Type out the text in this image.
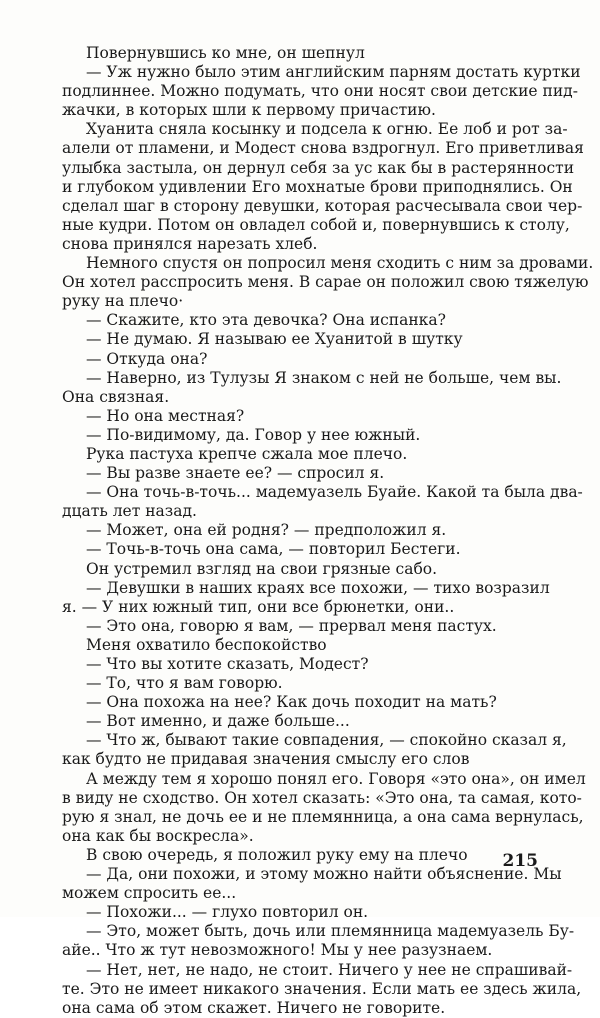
Повернувшись ко мне, он шепнул
— Уж нужно было этим английским парням достать куртки
подлиннее. Можно подумать, что они носят свои детские пид-
жачки, в которых шли к первому причастию.
Хуанита сняла косынку и подсела к огню. Ее лоб и рот за-
алели от пламени, и Модест снова вздрогнул. Его приветливая
улыбка застыла, он дернул себя за ус как бы в растерянности
и глубоком удивлении Его мохнатые брови приподнялись. Он
сделал шаг в сторону девушки, которая расчесывала свои чер-
ные кудри. Потом он овладел собой и, повернувшись к столу,
снова принялся нарезать хлеб.
Немного спустя он попросил меня сходить с ним за дровами.
Он хотел расспросить меня. В сарае он положил свою тяжелую
руку на плечо·
— Скажите, кто эта девочка? Она испанка?
— Не думаю. Я называю ее Хуанитой в шутку
— Откуда она?
— Наверно, из Тулузы Я знаком с ней не больше, чем вы.
Она связная.
— Но она местная?
— По-видимому, да. Говор у нее южный.
Рука пастуха крепче сжала мое плечо.
— Вы разве знаете ее? — спросил я.
— Она точь-в-точь... мадемуазель Буайе. Какой та была два-
дцать лет назад.
— Может, она ей родня? — предположил я.
— Точь-в-точь она сама, — повторил Бестеги.
Он устремил взгляд на свои грязные сабо.
— Девушки в наших краях все похожи, — тихо возразил
я. — У них южный тип, они все брюнетки, они..
— Это она, говорю я вам, — прервал меня пастух.
Меня охватило беспокойство
— Что вы хотите сказать, Модест?
— То, что я вам говорю.
— Она похожа на нее? Как дочь походит на мать?
— Вот именно, и даже больше...
— Что ж, бывают такие совпадения, — спокойно сказал я,
как будто не придавая значения смыслу его слов
А между тем я хорошо понял его. Говоря «это она», он имел
в виду не сходство. Он хотел сказать: «Это она, та самая, кото-
рую я знал, не дочь ее и не племянница, а она сама вернулась,
она как бы воскресла».
В свою очередь, я положил руку ему на плечо
— Да, они похожи, и этому можно найти объяснение. Мы
можем спросить ее...
— Похожи... — глухо повторил он.
— Это, может быть, дочь или племянница мадемуазель Бу-
айе.. Что ж тут невозможного! Мы у нее разузнаем.
— Нет, нет, не надо, не стоит. Ничего у нее не спрашивай-
те. Это не имеет никакого значения. Если мать ее здесь жила,
она сама об этом скажет. Ничего не говорите.
215
